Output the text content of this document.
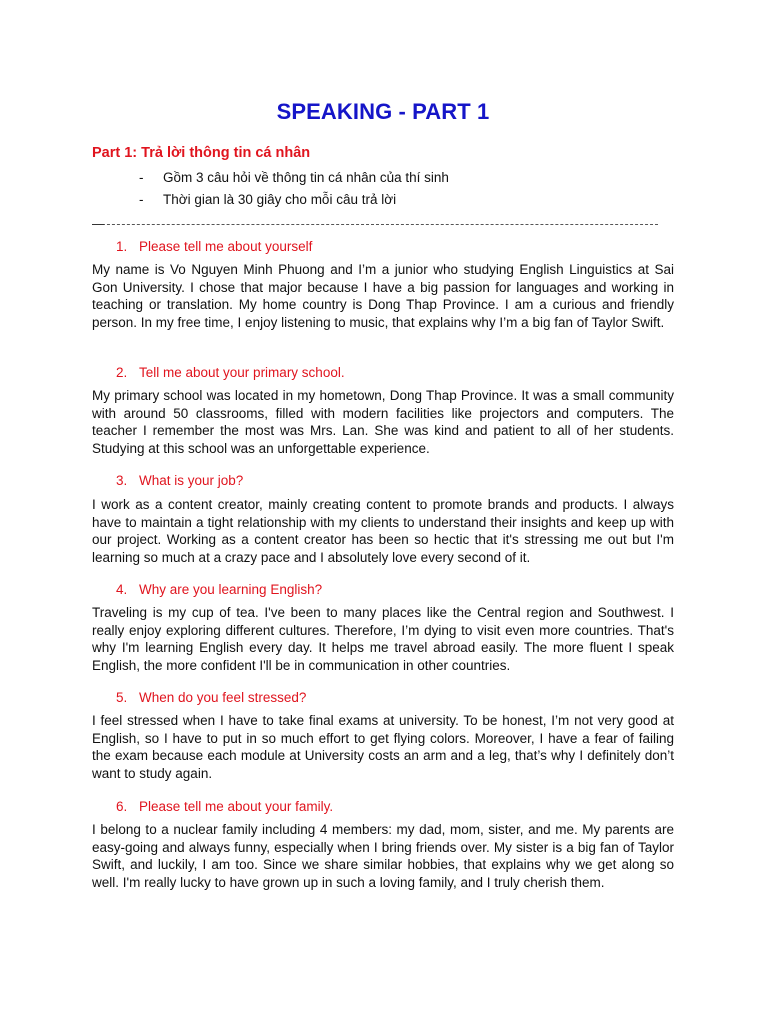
SPEAKING - PART 1
Part 1: Trả lời thông tin cá nhân
- Gồm 3 câu hỏi về thông tin cá nhân của thí sinh
- Thời gian là 30 giây cho mỗi câu trả lời
1. Please tell me about yourself
My name is Vo Nguyen Minh Phuong and I’m a junior who studying English Linguistics at Sai Gon University. I chose that major because I have a big passion for languages and working in teaching or translation. My home country is Dong Thap Province. I am a curious and friendly person. In my free time, I enjoy listening to music, that explains why I’m a big fan of Taylor Swift.
2. Tell me about your primary school.
My primary school was located in my hometown, Dong Thap Province. It was a small community with around 50 classrooms, filled with modern facilities like projectors and computers. The teacher I remember the most was Mrs. Lan. She was kind and patient to all of her students. Studying at this school was an unforgettable experience.
3. What is your job?
I work as a content creator, mainly creating content to promote brands and products. I always have to maintain a tight relationship with my clients to understand their insights and keep up with our project. Working as a content creator has been so hectic that it's stressing me out but I'm learning so much at a crazy pace and I absolutely love every second of it.
4. Why are you learning English?
Traveling is my cup of tea. I've been to many places like the Central region and Southwest. I really enjoy exploring different cultures. Therefore, I’m dying to visit even more countries. That's why I'm learning English every day. It helps me travel abroad easily. The more fluent I speak English, the more confident I'll be in communication in other countries.
5. When do you feel stressed?
I feel stressed when I have to take final exams at university. To be honest, I’m not very good at English, so I have to put in so much effort to get flying colors. Moreover, I have a fear of failing the exam because each module at University costs an arm and a leg, that’s why I definitely don’t want to study again.
6. Please tell me about your family.
I belong to a nuclear family including 4 members: my dad, mom, sister, and me. My parents are easy-going and always funny, especially when I bring friends over. My sister is a big fan of Taylor Swift, and luckily, I am too. Since we share similar hobbies, that explains why we get along so well. I'm really lucky to have grown up in such a loving family, and I truly cherish them.
